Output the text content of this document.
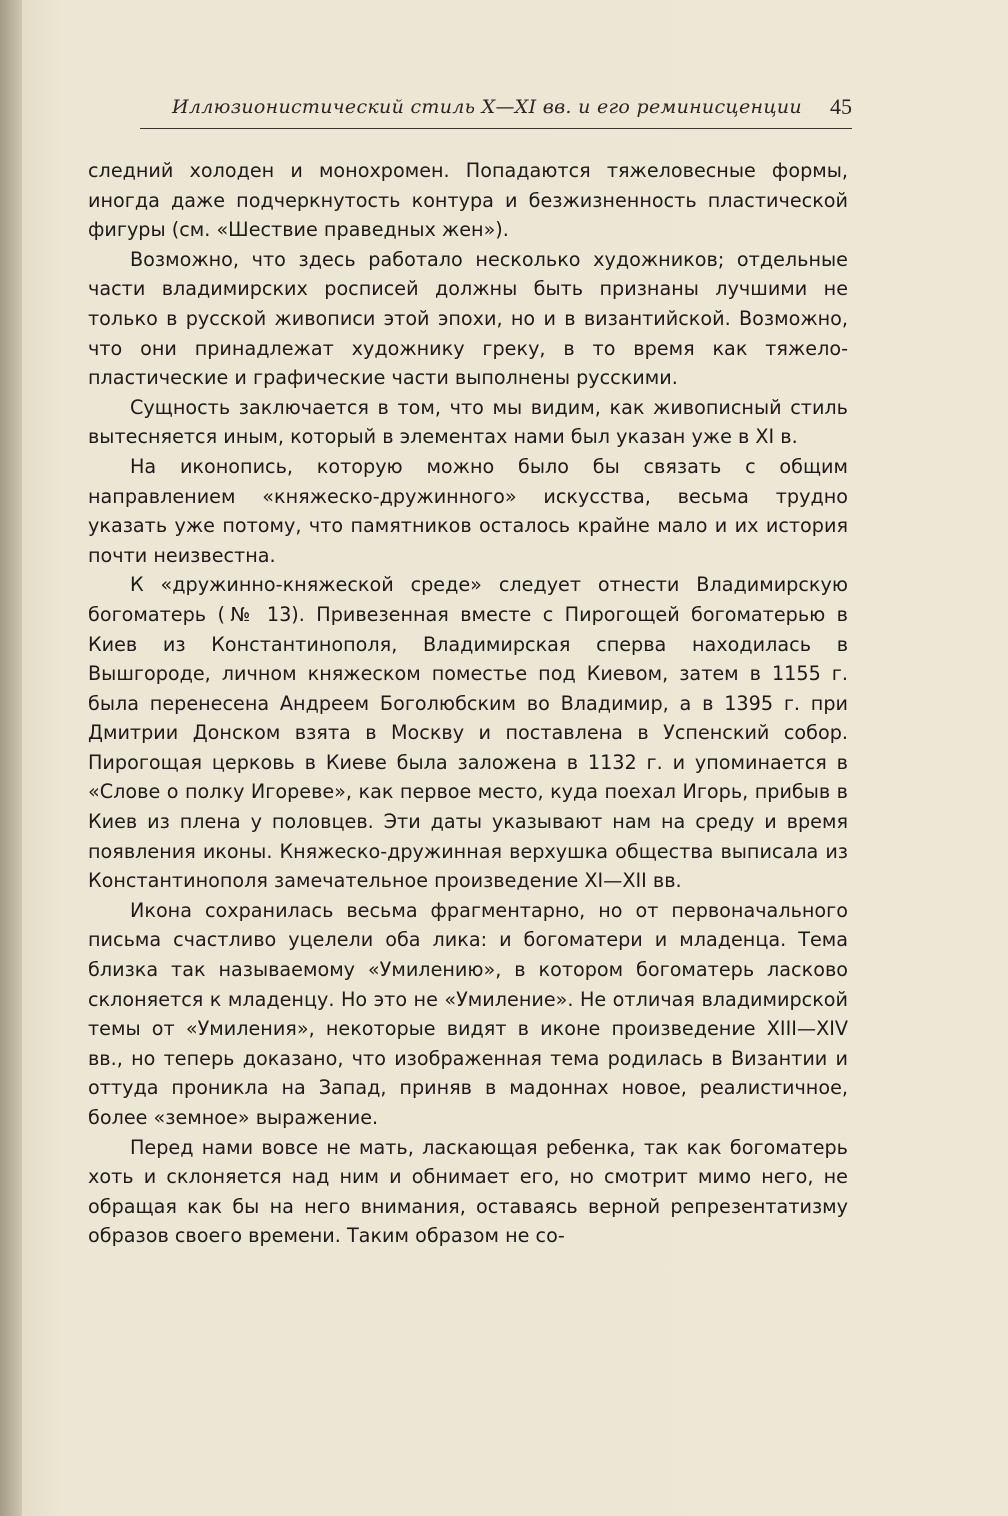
Иллюзионистический стиль X—XI вв. и его реминисценции 45

следний холоден и монохромен. Попадаются тяжеловесные формы, иногда даже подчеркнутость контура и безжизненность пластической фигуры (см. «Шествие праведных жен»).

Возможно, что здесь работало несколько художников; отдельные части владимирских росписей должны быть признаны лучшими не только в русской живописи этой эпохи, но и в византийской. Возможно, что они принадлежат художнику греку, в то время как тяжело-пластические и графические части выполнены русскими.

Сущность заключается в том, что мы видим, как живописный стиль вытесняется иным, который в элементах нами был указан уже в XI в.

На иконопись, которую можно было бы связать с общим направлением «княжеско-дружинного» искусства, весьма трудно указать уже потому, что памятников осталось крайне мало и их история почти неизвестна.

К «дружинно-княжеской среде» следует отнести Владимирскую богоматерь (№ 13). Привезенная вместе с Пирогощей богоматерью в Киев из Константинополя, Владимирская сперва находилась в Вышгороде, личном княжеском поместье под Киевом, затем в 1155 г. была перенесена Андреем Боголюбским во Владимир, а в 1395 г. при Дмитрии Донском взята в Москву и поставлена в Успенский собор. Пирогощая церковь в Киеве была заложена в 1132 г. и упоминается в «Слове о полку Игореве», как первое место, куда поехал Игорь, прибыв в Киев из плена у половцев. Эти даты указывают нам на среду и время появления иконы. Княжеско-дружинная верхушка общества выписала из Константинополя замечательное произведение XI—XII вв.

Икона сохранилась весьма фрагментарно, но от первоначального письма счастливо уцелели оба лика: и богоматери и младенца. Тема близка так называемому «Умилению», в котором богоматерь ласково склоняется к младенцу. Но это не «Умиление». Не отличая владимирской темы от «Умиления», некоторые видят в иконе произведение XIII—XIV вв., но теперь доказано, что изображенная тема родилась в Византии и оттуда проникла на Запад, приняв в мадоннах новое, реалистичное, более «земное» выражение.

Перед нами вовсе не мать, ласкающая ребенка, так как богоматерь хоть и склоняется над ним и обнимает его, но смотрит мимо него, не обращая как бы на него внимания, оставаясь верной репрезентатизму образов своего времени. Таким образом не со-
